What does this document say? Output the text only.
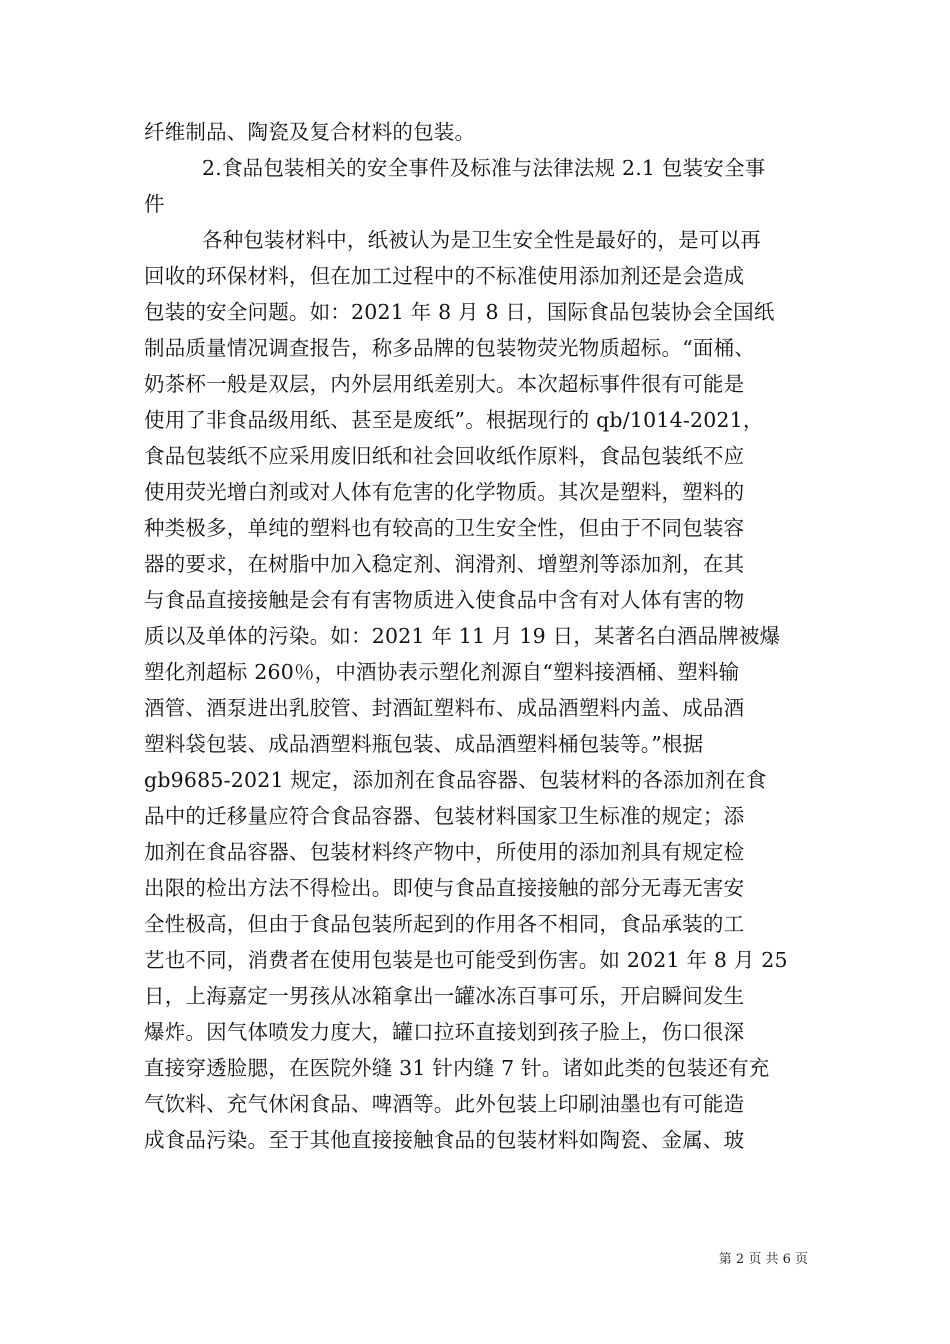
纤维制品、陶瓷及复合材料的包装。
2.食品包装相关的安全事件及标准与法律法规 2.1 包装安全事
件
各种包装材料中，纸被认为是卫生安全性是最好的，是可以再
回收的环保材料，但在加工过程中的不标准使用添加剂还是会造成
包装的安全问题。如：2021 年 8 月 8 日，国际食品包装协会全国纸
制品质量情况调查报告，称多品牌的包装物荧光物质超标。“面桶、
奶茶杯一般是双层，内外层用纸差别大。本次超标事件很有可能是
使用了非食品级用纸、甚至是废纸”。根据现行的 qb/1014-2021，
食品包装纸不应采用废旧纸和社会回收纸作原料，食品包装纸不应
使用荧光增白剂或对人体有危害的化学物质。其次是塑料，塑料的
种类极多，单纯的塑料也有较高的卫生安全性，但由于不同包装容
器的要求，在树脂中加入稳定剂、润滑剂、增塑剂等添加剂，在其
与食品直接接触是会有有害物质进入使食品中含有对人体有害的物
质以及单体的污染。如：2021 年 11 月 19 日，某著名白酒品牌被爆
塑化剂超标 260％，中酒协表示塑化剂源自“塑料接酒桶、塑料输
酒管、酒泵进出乳胶管、封酒缸塑料布、成品酒塑料内盖、成品酒
塑料袋包装、成品酒塑料瓶包装、成品酒塑料桶包装等。”根据
gb9685-2021 规定，添加剂在食品容器、包装材料的各添加剂在食
品中的迁移量应符合食品容器、包装材料国家卫生标准的规定；添
加剂在食品容器、包装材料终产物中，所使用的添加剂具有规定检
出限的检出方法不得检出。即使与食品直接接触的部分无毒无害安
全性极高，但由于食品包装所起到的作用各不相同，食品承装的工
艺也不同，消费者在使用包装是也可能受到伤害。如 2021 年 8 月 25
日，上海嘉定一男孩从冰箱拿出一罐冰冻百事可乐，开启瞬间发生
爆炸。因气体喷发力度大，罐口拉环直接划到孩子脸上，伤口很深
直接穿透脸腮，在医院外缝 31 针内缝 7 针。诸如此类的包装还有充
气饮料、充气休闲食品、啤酒等。此外包装上印刷油墨也有可能造
成食品污染。至于其他直接接触食品的包装材料如陶瓷、金属、玻
第 2 页 共 6 页
